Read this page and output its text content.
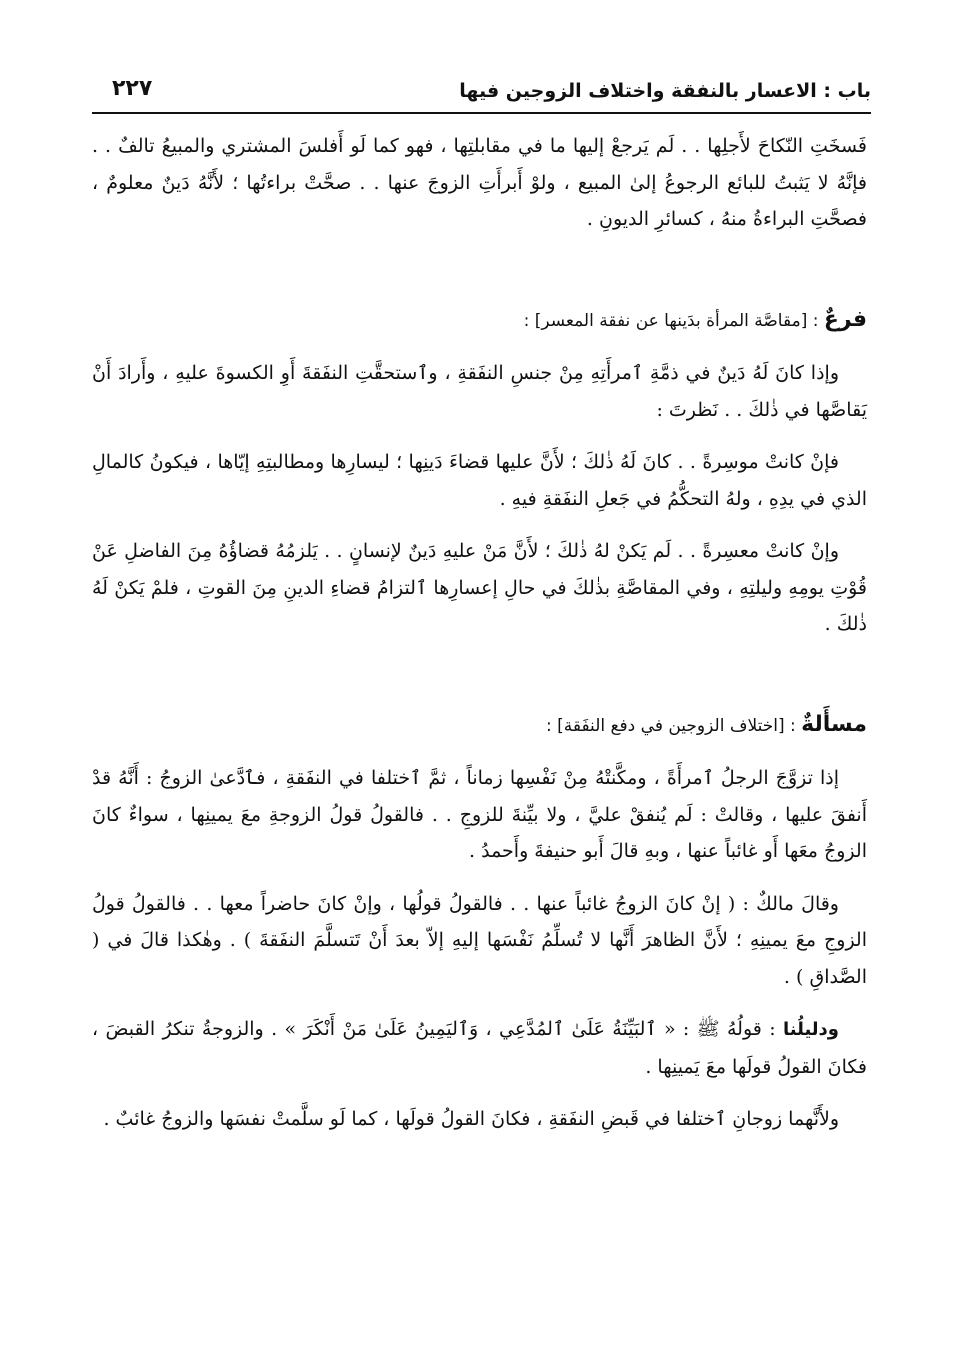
باب : الاعسار بالنفقة واختلاف الزوجين فيها
٢٢٧

فَسخَتِ النّكاحَ لأَجلِها . . لَم يَرجعْ إليها ما في مقابلتِها ، فهو كما لَو أَفلسَ المشتري والمبيعُ تالفٌ . . فإنَّهُ لا يَثبتُ للبائع الرجوعُ إلىٰ المبيع ، ولوْ أَبرأَتِ الزوجَ عنها . . صحَّتْ براءتُها ؛ لأَنَّهُ دَينٌ معلومٌ ، فصحَّتِ البراءةُ منهُ ، كسائرِ الديونِ .

فرعٌ : [مقاصَّة المرأة بدَينها عن نفقة المعسر] :

وإذا كانَ لَهُ دَينٌ في ذمَّةِ ٱمرأَتِهِ مِنْ جنسِ النفَقةِ ، وٱستحقَّتِ النفَقةَ أَوِ الكسوةَ عليهِ ، وأَرادَ أَنْ يَقاصَّها في ذٰلكَ . . نَظرتَ :

فإنْ كانتْ موسِرةً . . كانَ لَهُ ذٰلكَ ؛ لأَنَّ عليها قضاءَ دَينِها ؛ ليسارِها ومطالبتِهِ إيّاها ، فيكونُ كالمالِ الذي في يدِهِ ، ولهُ التحكُّمُ في جَعلِ النفَقةِ فيهِ .

وإنْ كانتْ معسِرةً . . لَم يَكنْ لهُ ذٰلكَ ؛ لأَنَّ مَنْ عليهِ دَينٌ لإنسانٍ . . يَلزمُهُ قضاؤُهُ مِنَ الفاضلِ عَنْ قُوْتِ يومِهِ وليلتِهِ ، وفي المقاصَّةِ بذٰلكَ في حالِ إعسارِها ٱلتزامُ قضاءِ الدينِ مِنَ القوتِ ، فلمْ يَكنْ لَهُ ذٰلكَ .

مسأَلةٌ : [اختلاف الزوجين في دفع النفَقة] :

إذا تزوَّجَ الرجلُ ٱمرأَةً ، ومكَّنتْهُ مِنْ نَفْسِها زماناً ، ثمَّ ٱختلفا في النفَقةِ ، فٱدَّعىٰ الزوجُ : أَنَّهُ قدْ أَنفقَ عليها ، وقالتْ : لَم يُنفقْ عليَّ ، ولا بيِّنةَ للزوجِ . . فالقولُ قولُ الزوجةِ معَ يمينِها ، سواءٌ كانَ الزوجُ معَها أَو غائباً عنها ، وبهِ قالَ أَبو حنيفةَ وأَحمدُ .

وقالَ مالكٌ : ( إنْ كانَ الزوجُ غائباً عنها . . فالقولُ قولُها ، وإنْ كانَ حاضراً معها . . فالقولُ قولُ الزوجِ معَ يمينِهِ ؛ لأَنَّ الظاهرَ أَنَّها لا تُسلِّمُ نَفْسَها إليهِ إلاّ بعدَ أَنْ تَتسلَّمَ النفَقةَ ) . وهٰكذا قالَ في ( الصَّداقِ ) .

ودليلُنا : قولُهُ ﷺ : « ٱلبَيِّنَةُ عَلَىٰ ٱلمُدَّعِي ، وَٱليَمِينُ عَلَىٰ مَنْ أَنْكَرَ » . والزوجةُ تنكرُ القبضَ ، فكانَ القولُ قولَها معَ يَمينِها .

ولأَنَّهما زوجانِ ٱختلفا في قَبضِ النفَقةِ ، فكانَ القولُ قولَها ، كما لَو سلَّمتْ نفسَها والزوجُ غائبٌ .
